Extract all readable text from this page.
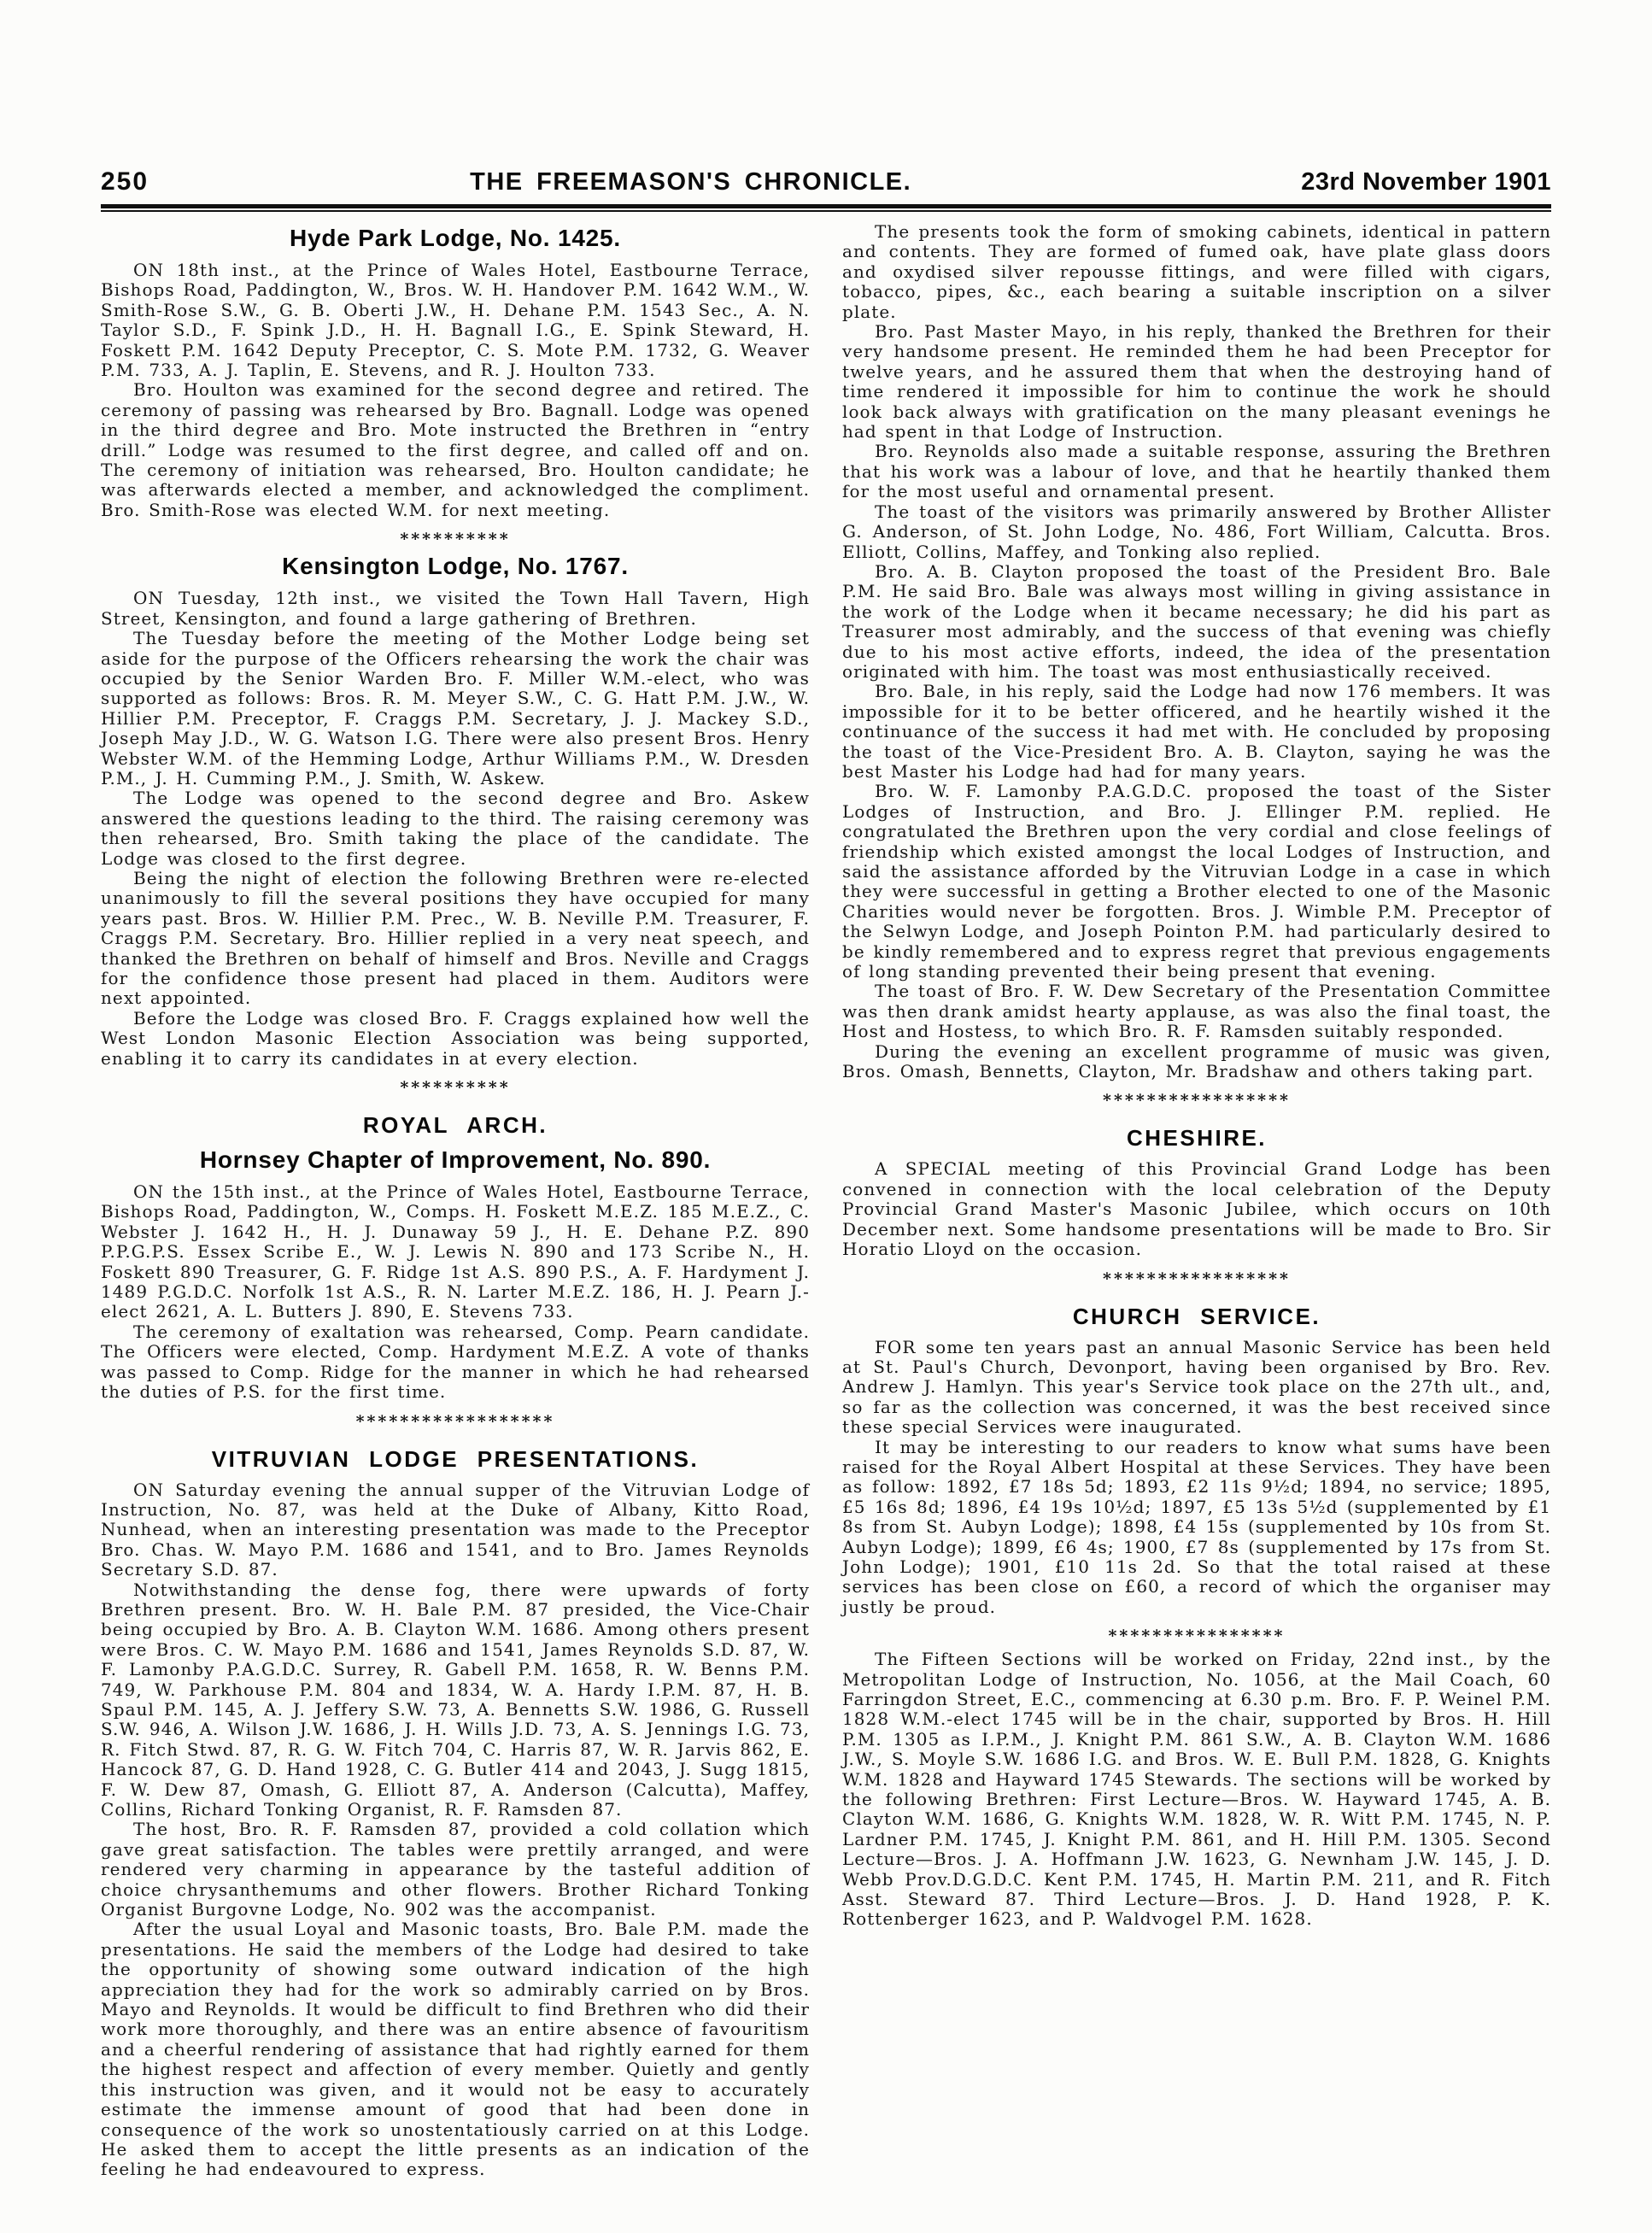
250	THE FREEMASON'S CHRONICLE.	23rd November 1901
Hyde Park Lodge, No. 1425.

ON 18th inst., at the Prince of Wales Hotel, Eastbourne Terrace, Bishops Road, Paddington, W., Bros. W. H. Handover P.M. 1642 W.M., W. Smith-Rose S.W., G. B. Oberti J.W., H. Dehane P.M. 1543 Sec., A. N. Taylor S.D., F. Spink J.D., H. H. Bagnall I.G., E. Spink Steward, H. Foskett P.M. 1642 Deputy Preceptor, C. S. Mote P.M. 1732, G. Weaver P.M. 733, A. J. Taplin, E. Stevens, and R. J. Houlton 733.

Bro. Houlton was examined for the second degree and retired. The ceremony of passing was rehearsed by Bro. Bagnall. Lodge was opened in the third degree and Bro. Mote instructed the Brethren in “entry drill.” Lodge was resumed to the first degree, and called off and on. The ceremony of initiation was rehearsed, Bro. Houlton candidate; he was afterwards elected a member, and acknowledged the compliment. Bro. Smith-Rose was elected W.M. for next meeting.

**********
Kensington Lodge, No. 1767.

ON Tuesday, 12th inst., we visited the Town Hall Tavern, High Street, Kensington, and found a large gathering of Brethren.

The Tuesday before the meeting of the Mother Lodge being set aside for the purpose of the Officers rehearsing the work the chair was occupied by the Senior Warden Bro. F. Miller W.M.-elect, who was supported as follows: Bros. R. M. Meyer S.W., C. G. Hatt P.M. J.W., W. Hillier P.M. Preceptor, F. Craggs P.M. Secretary, J. J. Mackey S.D., Joseph May J.D., W. G. Watson I.G. There were also present Bros. Henry Webster W.M. of the Hemming Lodge, Arthur Williams P.M., W. Dresden P.M., J. H. Cumming P.M., J. Smith, W. Askew.

The Lodge was opened to the second degree and Bro. Askew answered the questions leading to the third. The raising ceremony was then rehearsed, Bro. Smith taking the place of the candidate. The Lodge was closed to the first degree.

Being the night of election the following Brethren were re-elected unanimously to fill the several positions they have occupied for many years past. Bros. W. Hillier P.M. Prec., W. B. Neville P.M. Treasurer, F. Craggs P.M. Secretary. Bro. Hillier replied in a very neat speech, and thanked the Brethren on behalf of himself and Bros. Neville and Craggs for the confidence those present had placed in them. Auditors were next appointed.

Before the Lodge was closed Bro. F. Craggs explained how well the West London Masonic Election Association was being supported, enabling it to carry its candidates in at every election.

**********
ROYAL ARCH.
Hornsey Chapter of Improvement, No. 890.

ON the 15th inst., at the Prince of Wales Hotel, Eastbourne Terrace, Bishops Road, Paddington, W., Comps. H. Foskett M.E.Z. 185 M.E.Z., C. Webster J. 1642 H., H. J. Dunaway 59 J., H. E. Dehane P.Z. 890 P.P.G.P.S. Essex Scribe E., W. J. Lewis N. 890 and 173 Scribe N., H. Foskett 890 Treasurer, G. F. Ridge 1st A.S. 890 P.S., A. F. Hardyment J. 1489 P.G.D.C. Norfolk 1st A.S., R. N. Larter M.E.Z. 186, H. J. Pearn J.-elect 2621, A. L. Butters J. 890, E. Stevens 733.

The ceremony of exaltation was rehearsed, Comp. Pearn candidate. The Officers were elected, Comp. Hardyment M.E.Z. A vote of thanks was passed to Comp. Ridge for the manner in which he had rehearsed the duties of P.S. for the first time.

******************
VITRUVIAN LODGE PRESENTATIONS.

ON Saturday evening the annual supper of the Vitruvian Lodge of Instruction, No. 87, was held at the Duke of Albany, Kitto Road, Nunhead, when an interesting presentation was made to the Preceptor Bro. Chas. W. Mayo P.M. 1686 and 1541, and to Bro. James Reynolds Secretary S.D. 87.

Notwithstanding the dense fog, there were upwards of forty Brethren present. Bro. W. H. Bale P.M. 87 presided, the Vice-Chair being occupied by Bro. A. B. Clayton W.M. 1686. Among others present were Bros. C. W. Mayo P.M. 1686 and 1541, James Reynolds S.D. 87, W. F. Lamonby P.A.G.D.C. Surrey, R. Gabell P.M. 1658, R. W. Benns P.M. 749, W. Parkhouse P.M. 804 and 1834, W. A. Hardy I.P.M. 87, H. B. Spaul P.M. 145, A. J. Jeffery S.W. 73, A. Bennetts S.W. 1986, G. Russell S.W. 946, A. Wilson J.W. 1686, J. H. Wills J.D. 73, A. S. Jennings I.G. 73, R. Fitch Stwd. 87, R. G. W. Fitch 704, C. Harris 87, W. R. Jarvis 862, E. Hancock 87, G. D. Hand 1928, C. G. Butler 414 and 2043, J. Sugg 1815, F. W. Dew 87, Omash, G. Elliott 87, A. Anderson (Calcutta), Maffey, Collins, Richard Tonking Organist, R. F. Ramsden 87.

The host, Bro. R. F. Ramsden 87, provided a cold collation which gave great satisfaction. The tables were prettily arranged, and were rendered very charming in appearance by the tasteful addition of choice chrysanthemums and other flowers. Brother Richard Tonking Organist Burgovne Lodge, No. 902 was the accompanist.

After the usual Loyal and Masonic toasts, Bro. Bale P.M. made the presentations. He said the members of the Lodge had desired to take the opportunity of showing some outward indication of the high appreciation they had for the work so admirably carried on by Bros. Mayo and Reynolds. It would be difficult to find Brethren who did their work more thoroughly, and there was an entire absence of favouritism and a cheerful rendering of assistance that had rightly earned for them the highest respect and affection of every member. Quietly and gently this instruction was given, and it would not be easy to accurately estimate the immense amount of good that had been done in consequence of the work so unostentatiously carried on at this Lodge. He asked them to accept the little presents as an indication of the feeling he had endeavoured to express.

The presents took the form of smoking cabinets, identical in pattern and contents. They are formed of fumed oak, have plate glass doors and oxydised silver repousse fittings, and were filled with cigars, tobacco, pipes, &c., each bearing a suitable inscription on a silver plate.

Bro. Past Master Mayo, in his reply, thanked the Brethren for their very handsome present. He reminded them he had been Preceptor for twelve years, and he assured them that when the destroying hand of time rendered it impossible for him to continue the work he should look back always with gratification on the many pleasant evenings he had spent in that Lodge of Instruction.

Bro. Reynolds also made a suitable response, assuring the Brethren that his work was a labour of love, and that he heartily thanked them for the most useful and ornamental present.

The toast of the visitors was primarily answered by Brother Allister G. Anderson, of St. John Lodge, No. 486, Fort William, Calcutta. Bros. Elliott, Collins, Maffey, and Tonking also replied.

Bro. A. B. Clayton proposed the toast of the President Bro. Bale P.M. He said Bro. Bale was always most willing in giving assistance in the work of the Lodge when it became necessary; he did his part as Treasurer most admirably, and the success of that evening was chiefly due to his most active efforts, indeed, the idea of the presentation originated with him. The toast was most enthusiastically received.

Bro. Bale, in his reply, said the Lodge had now 176 members. It was impossible for it to be better officered, and he heartily wished it the continuance of the success it had met with. He concluded by proposing the toast of the Vice-President Bro. A. B. Clayton, saying he was the best Master his Lodge had had for many years.

Bro. W. F. Lamonby P.A.G.D.C. proposed the toast of the Sister Lodges of Instruction, and Bro. J. Ellinger P.M. replied. He congratulated the Brethren upon the very cordial and close feelings of friendship which existed amongst the local Lodges of Instruction, and said the assistance afforded by the Vitruvian Lodge in a case in which they were successful in getting a Brother elected to one of the Masonic Charities would never be forgotten. Bros. J. Wimble P.M. Preceptor of the Selwyn Lodge, and Joseph Pointon P.M. had particularly desired to be kindly remembered and to express regret that previous engagements of long standing prevented their being present that evening.

The toast of Bro. F. W. Dew Secretary of the Presentation Committee was then drank amidst hearty applause, as was also the final toast, the Host and Hostess, to which Bro. R. F. Ramsden suitably responded.

During the evening an excellent programme of music was given, Bros. Omash, Bennetts, Clayton, Mr. Bradshaw and others taking part.

*****************
CHESHIRE.

A SPECIAL meeting of this Provincial Grand Lodge has been convened in connection with the local celebration of the Deputy Provincial Grand Master's Masonic Jubilee, which occurs on 10th December next. Some handsome presentations will be made to Bro. Sir Horatio Lloyd on the occasion.

*****************
CHURCH SERVICE.

FOR some ten years past an annual Masonic Service has been held at St. Paul's Church, Devonport, having been organised by Bro. Rev. Andrew J. Hamlyn. This year's Service took place on the 27th ult., and, so far as the collection was concerned, it was the best received since these special Services were inaugurated.

It may be interesting to our readers to know what sums have been raised for the Royal Albert Hospital at these Services. They have been as follow: 1892, £7 18s 5d; 1893, £2 11s 9½d; 1894, no service; 1895, £5 16s 8d; 1896, £4 19s 10½d; 1897, £5 13s 5½d (supplemented by £1 8s from St. Aubyn Lodge); 1898, £4 15s (supplemented by 10s from St. Aubyn Lodge); 1899, £6 4s; 1900, £7 8s (supplemented by 17s from St. John Lodge); 1901, £10 11s 2d. So that the total raised at these services has been close on £60, a record of which the organiser may justly be proud.

****************

The Fifteen Sections will be worked on Friday, 22nd inst., by the Metropolitan Lodge of Instruction, No. 1056, at the Mail Coach, 60 Farringdon Street, E.C., commencing at 6.30 p.m. Bro. F. P. Weinel P.M. 1828 W.M.-elect 1745 will be in the chair, supported by Bros. H. Hill P.M. 1305 as I.P.M., J. Knight P.M. 861 S.W., A. B. Clayton W.M. 1686 J.W., S. Moyle S.W. 1686 I.G. and Bros. W. E. Bull P.M. 1828, G. Knights W.M. 1828 and Hayward 1745 Stewards. The sections will be worked by the following Brethren: First Lecture—Bros. W. Hayward 1745, A. B. Clayton W.M. 1686, G. Knights W.M. 1828, W. R. Witt P.M. 1745, N. P. Lardner P.M. 1745, J. Knight P.M. 861, and H. Hill P.M. 1305. Second Lecture—Bros. J. A. Hoffmann J.W. 1623, G. Newnham J.W. 145, J. D. Webb Prov.D.G.D.C. Kent P.M. 1745, H. Martin P.M. 211, and R. Fitch Asst. Steward 87. Third Lecture—Bros. J. D. Hand 1928, P. K. Rottenberger 1623, and P. Waldvogel P.M. 1628.
